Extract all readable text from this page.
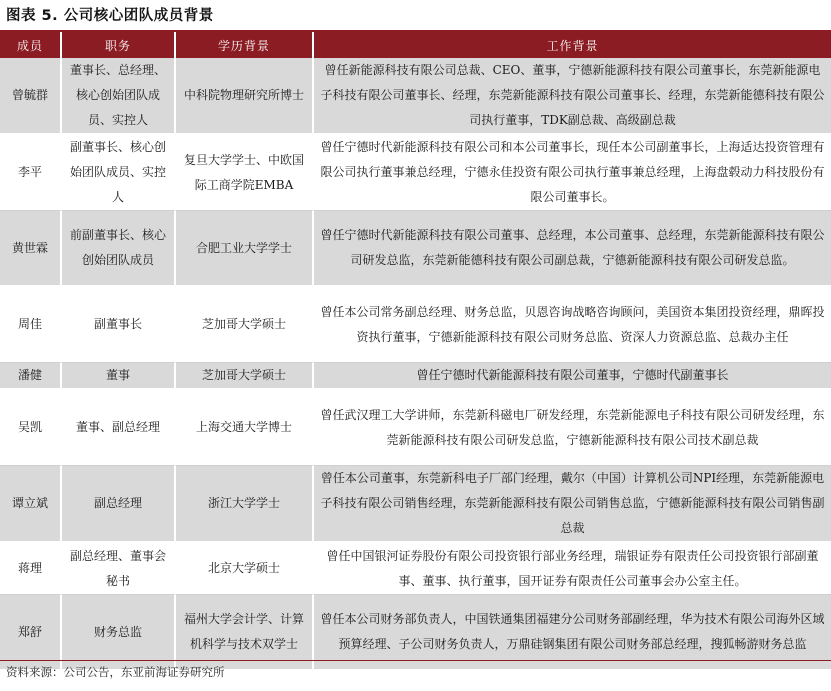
图表 5. 公司核心团队成员背景
成员	职务	学历背景	工作背景
曾毓群	董事长、总经理、核心创始团队成员、实控人	中科院物理研究所博士	曾任新能源科技有限公司总裁、CEO、董事，宁德新能源科技有限公司董事长，东莞新能源电子科技有限公司董事长、经理，东莞新能源科技有限公司董事长、经理，东莞新能德科技有限公司执行董事，TDK副总裁、高级副总裁
李平	副董事长、核心创始团队成员、实控人	复旦大学学士、中欧国际工商学院EMBA	曾任宁德时代新能源科技有限公司和本公司董事长，现任本公司副董事长，上海适达投资管理有限公司执行董事兼总经理，宁德永佳投资有限公司执行董事兼总经理，上海盘毂动力科技股份有限公司董事长。
黄世霖	前副董事长、核心创始团队成员	合肥工业大学学士	曾任宁德时代新能源科技有限公司董事、总经理，本公司董事、总经理，东莞新能源科技有限公司研发总监，东莞新能德科技有限公司副总裁，宁德新能源科技有限公司研发总监。
周佳	副董事长	芝加哥大学硕士	曾任本公司常务副总经理、财务总监，贝恩咨询战略咨询顾问，美国资本集团投资经理，鼎晖投资执行董事，宁德新能源科技有限公司财务总监、资深人力资源总监、总裁办主任
潘健	董事	芝加哥大学硕士	曾任宁德时代新能源科技有限公司董事，宁德时代副董事长
吴凯	董事、副总经理	上海交通大学博士	曾任武汉理工大学讲师，东莞新科磁电厂研发经理，东莞新能源电子科技有限公司研发经理，东莞新能源科技有限公司研发总监，宁德新能源科技有限公司技术副总裁
谭立斌	副总经理	浙江大学学士	曾任本公司董事，东莞新科电子厂部门经理，戴尔（中国）计算机公司NPI经理，东莞新能源电子科技有限公司销售经理，东莞新能源科技有限公司销售总监，宁德新能源科技有限公司销售副总裁
蒋理	副总经理、董事会秘书	北京大学硕士	曾任中国银河证券股份有限公司投资银行部业务经理，瑞银证券有限责任公司投资银行部副董事、董事、执行董事，国开证券有限责任公司董事会办公室主任。
郑舒	财务总监	福州大学会计学、计算机科学与技术双学士	曾任本公司财务部负责人，中国铁通集团福建分公司财务部副经理，华为技术有限公司海外区域预算经理、子公司财务负责人，万鼎硅钢集团有限公司财务部总经理，搜狐畅游财务总监
资料来源：公司公告，东亚前海证券研究所
